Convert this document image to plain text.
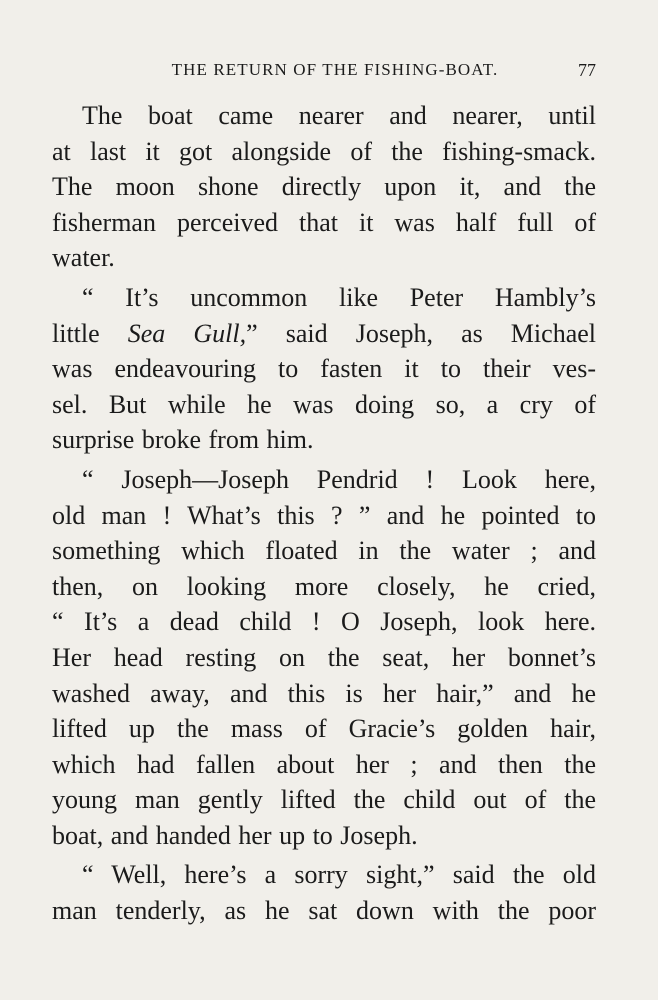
THE RETURN OF THE FISHING-BOAT.	77
The boat came nearer and nearer, until
at last it got alongside of the fishing-smack.
The moon shone directly upon it, and the
fisherman perceived that it was half full of
water.
“ It’s uncommon like Peter Hambly’s
little Sea Gull,” said Joseph, as Michael
was endeavouring to fasten it to their ves-
sel. But while he was doing so, a cry of
surprise broke from him.
“ Joseph—Joseph Pendrid ! Look here,
old man ! What’s this ? ” and he pointed to
something which floated in the water ; and
then, on looking more closely, he cried,
“ It’s a dead child ! O Joseph, look here.
Her head resting on the seat, her bonnet’s
washed away, and this is her hair,” and he
lifted up the mass of Gracie’s golden hair,
which had fallen about her ; and then the
young man gently lifted the child out of the
boat, and handed her up to Joseph.
“ Well, here’s a sorry sight,” said the old
man tenderly, as he sat down with the poor
